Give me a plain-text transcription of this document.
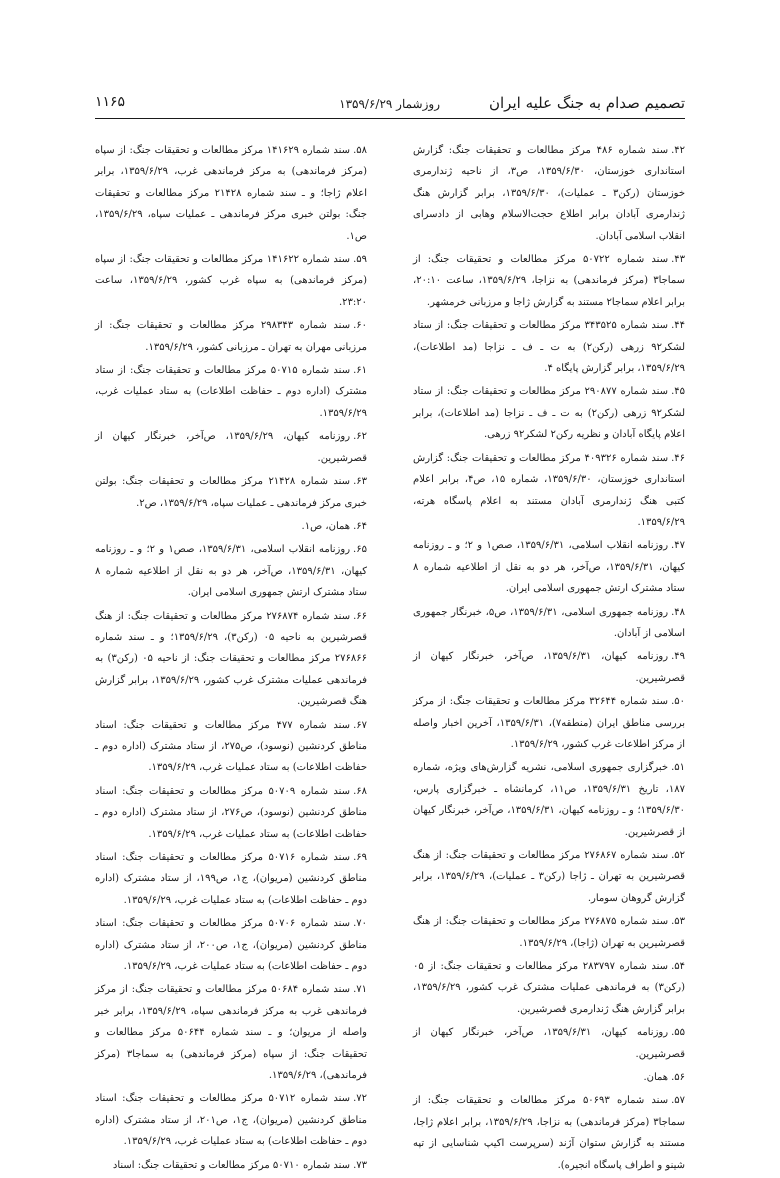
تصمیم صدام به جنگ علیه ایران
روزشمار ۱۳۵۹/۶/۲۹
۱۱۶۵

۴۲.سند شماره ۴۸۶ مرکز مطالعات و تحقیقات جنگ: گزارش استانداری خوزستان، ۱۳۵۹/۶/۳۰، ص۳، از ناحیه ژندارمری خوزستان (رکن۳ ـ عملیات)، ۱۳۵۹/۶/۳۰، برابر گزارش هنگ ژندارمری آبادان برابر اطلاع حجت‌الاسلام وهابی از دادسرای انقلاب اسلامی آبادان.

۴۳.سند شماره ۵۰۷۲۲ مرکز مطالعات و تحقیقات جنگ: از سماجا۳ (مرکز فرماندهی) به نزاجا، ۱۳۵۹/۶/۲۹، ساعت ۲۰:۱۰، برابر اعلام سماجا۲ مستند به گزارش ژاجا و مرزبانی خرمشهر.

۴۴.سند شماره ۳۴۳۵۲۵ مرکز مطالعات و تحقیقات جنگ: از ستاد لشکر۹۲ زرهی (رکن۲) به ت ـ ف ـ نزاجا (مد اطلاعات)، ۱۳۵۹/۶/۲۹، برابر گزارش پایگاه ۴.

۴۵.سند شماره ۲۹۰۸۷۷ مرکز مطالعات و تحقیقات جنگ: از ستاد لشکر۹۲ زرهی (رکن۲) به ت ـ ف ـ نزاجا (مد اطلاعات)، برابر اعلام پایگاه آبادان و نظریه رکن۲ لشکر۹۲ زرهی.

۴۶.سند شماره ۴۰۹۳۲۶ مرکز مطالعات و تحقیقات جنگ: گزارش استانداری خوزستان، ۱۳۵۹/۶/۳۰، شماره ۱۵، ص۴، برابر اعلام کتبی هنگ ژندارمری آبادان مستند به اعلام پاسگاه هرته، ۱۳۵۹/۶/۲۹.

۴۷.روزنامه انقلاب اسلامی، ۱۳۵۹/۶/۳۱، صص۱ و ۲؛ و ـ روزنامه کیهان، ۱۳۵۹/۶/۳۱، ص‌آخر، هر دو به نقل از اطلاعیه شماره ۸ ستاد مشترک ارتش جمهوری اسلامی ایران.

۴۸.روزنامه جمهوری اسلامی، ۱۳۵۹/۶/۳۱، ص۵، خبرنگار جمهوری اسلامی از آبادان.

۴۹.روزنامه کیهان، ۱۳۵۹/۶/۳۱، ص‌آخر، خبرنگار کیهان از قصرشیرین.

۵۰.سند شماره ۳۲۶۴۴ مرکز مطالعات و تحقیقات جنگ: از مرکز بررسی مناطق ایران (منطقه۷)، ۱۳۵۹/۶/۳۱، آخرین اخبار واصله از مرکز اطلاعات غرب کشور، ۱۳۵۹/۶/۲۹.

۵۱.خبرگزاری جمهوری اسلامی، نشریه گزارش‌های ویژه، شماره ۱۸۷، تاریخ ۱۳۵۹/۶/۳۱، ص۱۱، کرمانشاه ـ خبرگزاری پارس، ۱۳۵۹/۶/۳۰؛ و ـ روزنامه کیهان، ۱۳۵۹/۶/۳۱، ص‌آخر، خبرنگار کیهان از قصرشیرین.

۵۲.سند شماره ۲۷۶۸۶۷ مرکز مطالعات و تحقیقات جنگ: از هنگ قصرشیرین به تهران ـ ژاجا (رکن۳ ـ عملیات)، ۱۳۵۹/۶/۲۹، برابر گزارش گروهان سومار.

۵۳.سند شماره ۲۷۶۸۷۵ مرکز مطالعات و تحقیقات جنگ: از هنگ قصرشیرین به تهران (ژاجا)، ۱۳۵۹/۶/۲۹.

۵۴.سند شماره ۲۸۳۷۹۷ مرکز مطالعات و تحقیقات جنگ: از ۰۵ (رکن۳) به فرماندهی عملیات مشترک غرب کشور، ۱۳۵۹/۶/۲۹، برابر گزارش هنگ ژندارمری قصرشیرین.

۵۵.روزنامه کیهان، ۱۳۵۹/۶/۳۱، ص‌آخر، خبرنگار کیهان از قصرشیرین.

۵۶.همان.

۵۷.سند شماره ۵۰۶۹۳ مرکز مطالعات و تحقیقات جنگ: از سماجا۳ (مرکز فرماندهی) به نزاجا، ۱۳۵۹/۶/۲۹، برابر اعلام ژاجا، مستند به گزارش ستوان آژند (سرپرست اکیپ شناسایی از تپه شینو و اطراف پاسگاه انجیره).

۵۸.سند شماره ۱۴۱۶۲۹ مرکز مطالعات و تحقیقات جنگ: از سپاه (مرکز فرماندهی) به مرکز فرماندهی غرب، ۱۳۵۹/۶/۲۹، برابر اعلام ژاجا؛ و ـ سند شماره ۲۱۴۲۸ مرکز مطالعات و تحقیقات جنگ: بولتن خبری مرکز فرماندهی ـ عملیات سپاه، ۱۳۵۹/۶/۲۹، ص۱.

۵۹.سند شماره ۱۴۱۶۲۲ مرکز مطالعات و تحقیقات جنگ: از سپاه (مرکز فرماندهی) به سپاه غرب کشور، ۱۳۵۹/۶/۲۹، ساعت ۲۳:۲۰.

۶۰.سند شماره ۲۹۸۳۴۳ مرکز مطالعات و تحقیقات جنگ: از مرزبانی مهران به تهران ـ مرزبانی کشور، ۱۳۵۹/۶/۲۹.

۶۱.سند شماره ۵۰۷۱۵ مرکز مطالعات و تحقیقات جنگ: از ستاد مشترک (اداره دوم ـ حفاظت اطلاعات) به ستاد عملیات غرب، ۱۳۵۹/۶/۲۹.

۶۲.روزنامه کیهان، ۱۳۵۹/۶/۲۹، ص‌آخر، خبرنگار کیهان از قصرشیرین.

۶۳.سند شماره ۲۱۴۲۸ مرکز مطالعات و تحقیقات جنگ: بولتن خبری مرکز فرماندهی ـ عملیات سپاه، ۱۳۵۹/۶/۲۹، ص۲.

۶۴.همان، ص۱.

۶۵.روزنامه انقلاب اسلامی، ۱۳۵۹/۶/۳۱، صص۱ و ۲؛ و ـ روزنامه کیهان، ۱۳۵۹/۶/۳۱، ص‌آخر، هر دو به نقل از اطلاعیه شماره ۸ ستاد مشترک ارتش جمهوری اسلامی ایران.

۶۶.سند شماره ۲۷۶۸۷۴ مرکز مطالعات و تحقیقات جنگ: از هنگ قصرشیرین به ناحیه ۰۵ (رکن۳)، ۱۳۵۹/۶/۲۹؛ و ـ سند شماره ۲۷۶۸۶۶ مرکز مطالعات و تحقیقات جنگ: از ناحیه ۰۵ (رکن۳) به فرماندهی عملیات مشترک غرب کشور، ۱۳۵۹/۶/۲۹، برابر گزارش هنگ قصرشیرین.

۶۷.سند شماره ۴۷۷ مرکز مطالعات و تحقیقات جنگ: اسناد مناطق کردنشین (نوسود)، ص۲۷۵، از ستاد مشترک (اداره دوم ـ حفاظت اطلاعات) به ستاد عملیات غرب، ۱۳۵۹/۶/۲۹.

۶۸.سند شماره ۵۰۷۰۹ مرکز مطالعات و تحقیقات جنگ: اسناد مناطق کردنشین (نوسود)، ص۲۷۶، از ستاد مشترک (اداره دوم ـ حفاظت اطلاعات) به ستاد عملیات غرب، ۱۳۵۹/۶/۲۹.

۶۹.سند شماره ۵۰۷۱۶ مرکز مطالعات و تحقیقات جنگ: اسناد مناطق کردنشین (مریوان)، ج۱، ص۱۹۹، از ستاد مشترک (اداره دوم ـ حفاظت اطلاعات) به ستاد عملیات غرب، ۱۳۵۹/۶/۲۹.

۷۰.سند شماره ۵۰۷۰۶ مرکز مطالعات و تحقیقات جنگ: اسناد مناطق کردنشین (مریوان)، ج۱، ص۲۰۰، از ستاد مشترک (اداره دوم ـ حفاظت اطلاعات) به ستاد عملیات غرب، ۱۳۵۹/۶/۲۹.

۷۱.سند شماره ۵۰۶۸۴ مرکز مطالعات و تحقیقات جنگ: از مرکز فرماندهی غرب به مرکز فرماندهی سپاه، ۱۳۵۹/۶/۲۹، برابر خبر واصله از مریوان؛ و ـ سند شماره ۵۰۶۴۴ مرکز مطالعات و تحقیقات جنگ: از سپاه (مرکز فرماندهی) به سماجا۳ (مرکز فرماندهی)، ۱۳۵۹/۶/۲۹.

۷۲.سند شماره ۵۰۷۱۲ مرکز مطالعات و تحقیقات جنگ: اسناد مناطق کردنشین (مریوان)، ج۱، ص۲۰۱، از ستاد مشترک (اداره دوم ـ حفاظت اطلاعات) به ستاد عملیات غرب، ۱۳۵۹/۶/۲۹.

۷۳.سند شماره ۵۰۷۱۰ مرکز مطالعات و تحقیقات جنگ: اسناد
